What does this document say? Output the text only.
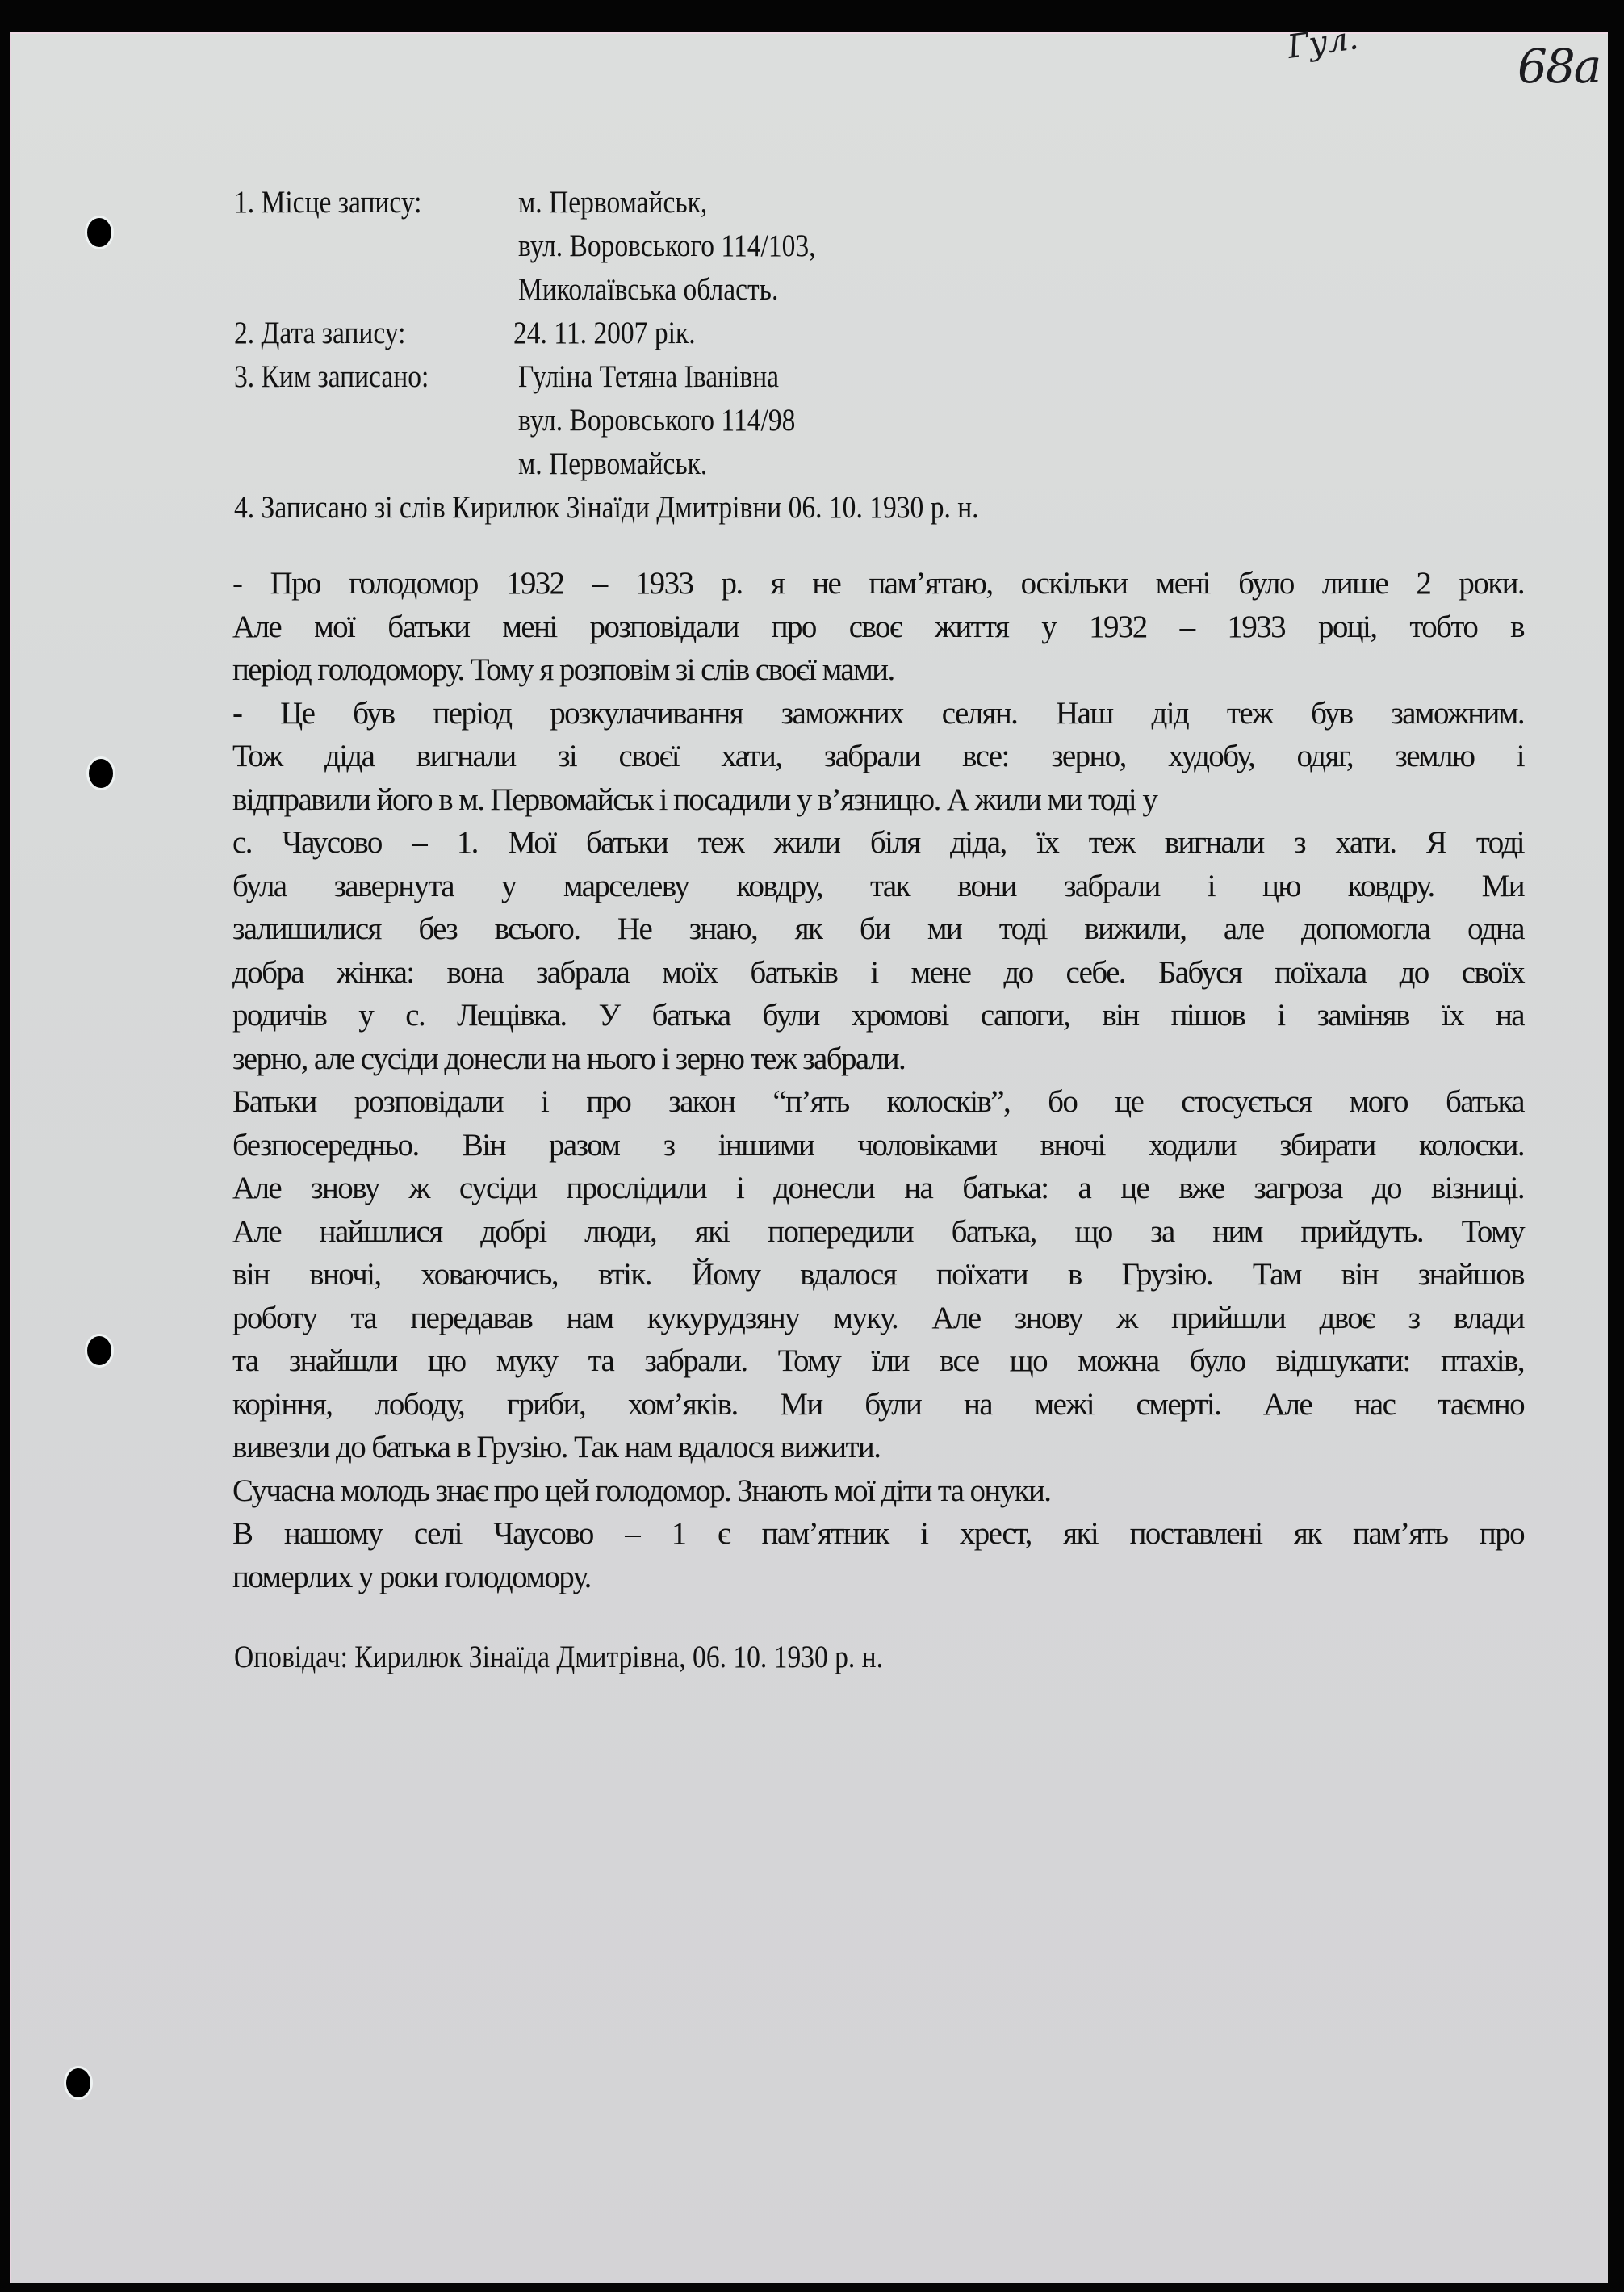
Гул.	68а
1. Місце запису:	м. Первомайськ,
вул. Воровського 114/103,
Миколаївська область.
2. Дата запису:	24. 11. 2007 рік.
3. Ким записано:	Гуліна Тетяна Іванівна
вул. Воровського 114/98
м. Первомайськ.
4. Записано зі слів Кирилюк Зінаїди Дмитрівни 06. 10. 1930 р. н.
- Про голодомор 1932 – 1933 р. я не пам’ятаю, оскільки мені було лише 2 роки.
Але мої батьки мені розповідали про своє життя у 1932 – 1933 році, тобто в
період голодомору. Тому я розповім зі слів своєї мами.
- Це був період розкулачивання заможних селян. Наш дід теж був заможним.
Тож діда вигнали зі своєї хати, забрали все: зерно, худобу, одяг, землю і
відправили його в м. Первомайськ і посадили у в’язницю. А жили ми тоді у
с. Чаусово – 1. Мої батьки теж жили біля діда, їх теж вигнали з хати. Я тоді
була завернута у марселеву ковдру, так вони забрали і цю ковдру. Ми
залишилися без всього. Не знаю, як би ми тоді вижили, але допомогла одна
добра жінка: вона забрала моїх батьків і мене до себе. Бабуся поїхала до своїх
родичів у с. Лещівка. У батька були хромові сапоги, він пішов і заміняв їх на
зерно, але сусіди донесли на нього і зерно теж забрали.
Батьки розповідали і про закон “п’ять колосків”, бо це стосується мого батька
безпосередньо. Він разом з іншими чоловіками вночі ходили збирати колоски.
Але знову ж сусіди прослідили і донесли на батька: а це вже загроза до візниці.
Але найшлися добрі люди, які попередили батька, що за ним прийдуть. Тому
він вночі, ховаючись, втік. Йому вдалося поїхати в Грузію. Там він знайшов
роботу та передавав нам кукурудзяну муку. Але знову ж прийшли двоє з влади
та знайшли цю муку та забрали. Тому їли все що можна було відшукати: птахів,
коріння, лободу, гриби, хом’яків. Ми були на межі смерті. Але нас таємно
вивезли до батька в Грузію. Так нам вдалося вижити.
Сучасна молодь знає про цей голодомор. Знають мої діти та онуки.
В нашому селі Чаусово – 1 є пам’ятник і хрест, які поставлені як пам’ять про
померлих у роки голодомору.
Оповідач: Кирилюк Зінаїда Дмитрівна, 06. 10. 1930 р. н.
